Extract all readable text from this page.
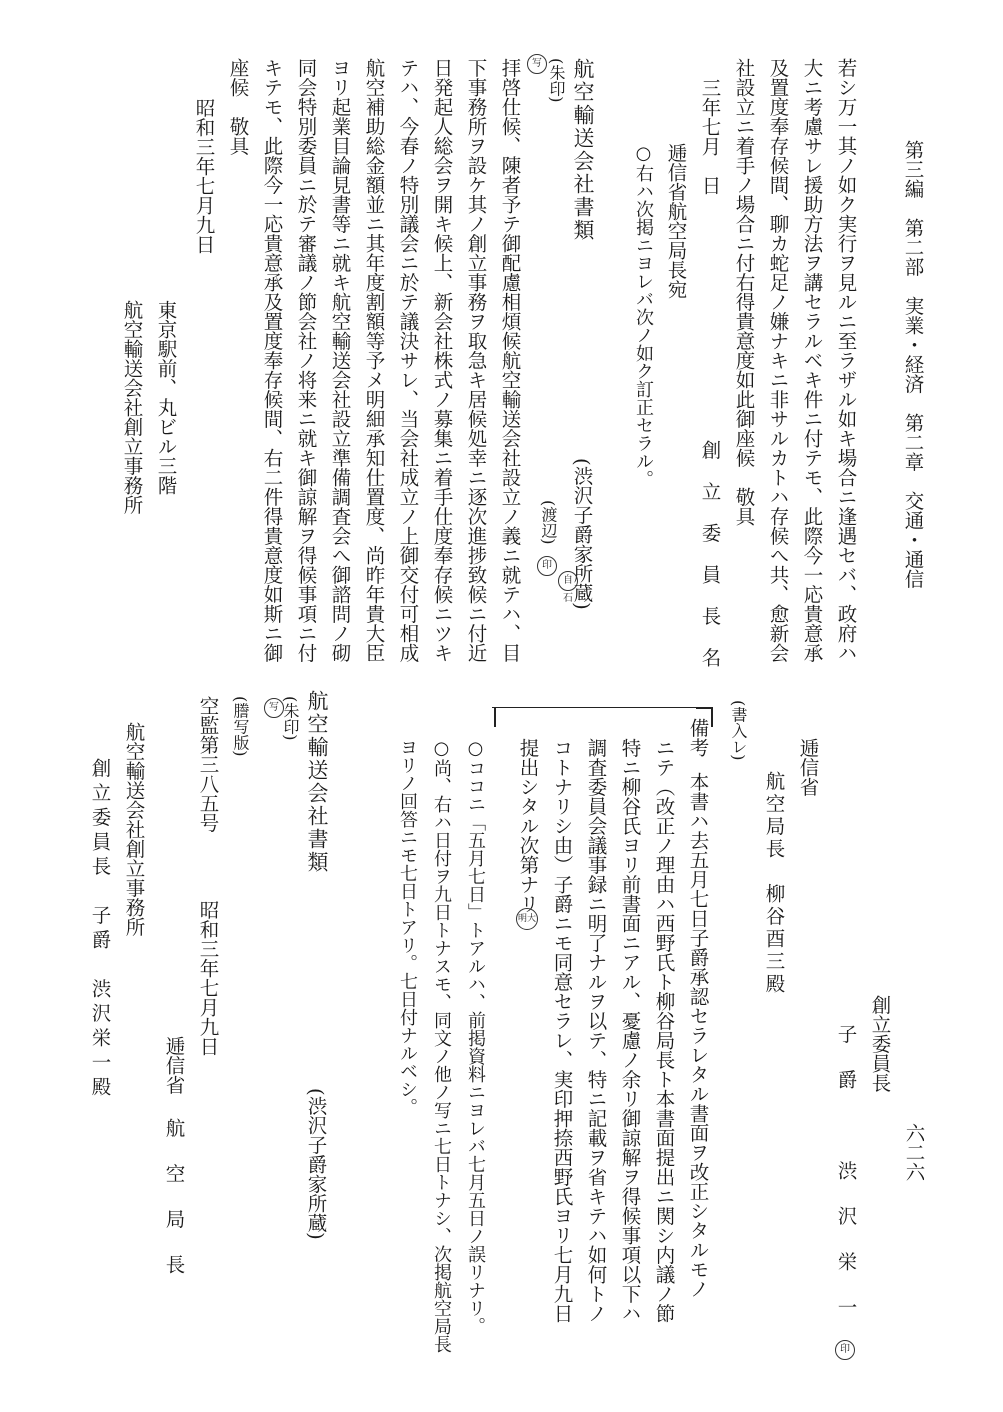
第三編　第二部　実業・経済　第二章　交通・通信
若シ万一其ノ如ク実行ヲ見ルニ至ラザル如キ場合ニ逢遇セバ、政府ハ
大ニ考慮サレ援助方法ヲ講セラルベキ件ニ付テモ、此際今一応貴意承
及置度奉存候間、聊カ蛇足ノ嫌ナキニ非サルカトハ存候へ共、愈新会
社設立ニ着手ノ場合ニ付右得貴意度如此御座候　敬具
三年七月　日
創立委員長名
逓信省航空局長宛
○右ハ次掲ニヨレバ次ノ如ク訂正セラル。
航空輸送会社書類
(朱印)
写
(渋沢子爵家所蔵)
(渡辺)
印
自石
拝啓仕候、陳者予テ御配慮相煩候航空輸送会社設立ノ義ニ就テハ、目
下事務所ヲ設ケ其ノ創立事務ヲ取急キ居候処幸ニ逐次進捗致候ニ付近
日発起人総会ヲ開キ候上、新会社株式ノ募集ニ着手仕度奉存候ニツキ
テハ、今春ノ特別議会ニ於テ議決サレ、当会社成立ノ上御交付可相成
航空補助総金額並ニ其年度割額等予メ明細承知仕置度、尚昨年貴大臣
ヨリ起業目論見書等ニ就キ航空輸送会社設立準備調査会へ御諮問ノ砌
同会特別委員ニ於テ審議ノ節会社ノ将来ニ就キ御諒解ヲ得候事項ニ付
キテモ、此際今一応貴意承及置度奉存候間、右二件得貴意度如斯ニ御
座候　敬具
昭和三年七月九日
東京駅前、丸ビル三階
航空輸送会社創立事務所
六二六
創立委員長
子爵　渋沢栄一
印
逓信省
航空局長　柳谷酉三殿
(書入レ)
備考
本書ハ去五月七日子爵承認セラレタル書面ヲ改正シタルモノ
ニテ（改正ノ理由ハ西野氏ト柳谷局長ト本書面提出ニ関シ内議ノ節
特ニ柳谷氏ヨリ前書面ニアル、憂慮ノ余リ御諒解ヲ得候事項以下ハ
調査委員会議事録ニ明了ナルヲ以テ、特ニ記載ヲ省キテハ如何トノ
コトナリシ由）子爵ニモ同意セラレ、実印押捺西野氏ヨリ七月九日
提出シタル次第ナリ
明大
○ココニ「五月七日」トアルハ、前掲資料ニヨレバ七月五日ノ誤リナリ。
○尚、右ハ日付ヲ九日トナスモ、同文ノ他ノ写ニ七日トナシ、次掲航空局長
ヨリノ回答ニモ七日トアリ。七日付ナルベシ。
航空輸送会社書類
(朱印)
写
(渋沢子爵家所蔵)
(謄写版)
空監第三八五号
昭和三年七月九日
逓信省
航空局長
航空輸送会社創立事務所
創立委員長　子爵　渋沢栄一殿
